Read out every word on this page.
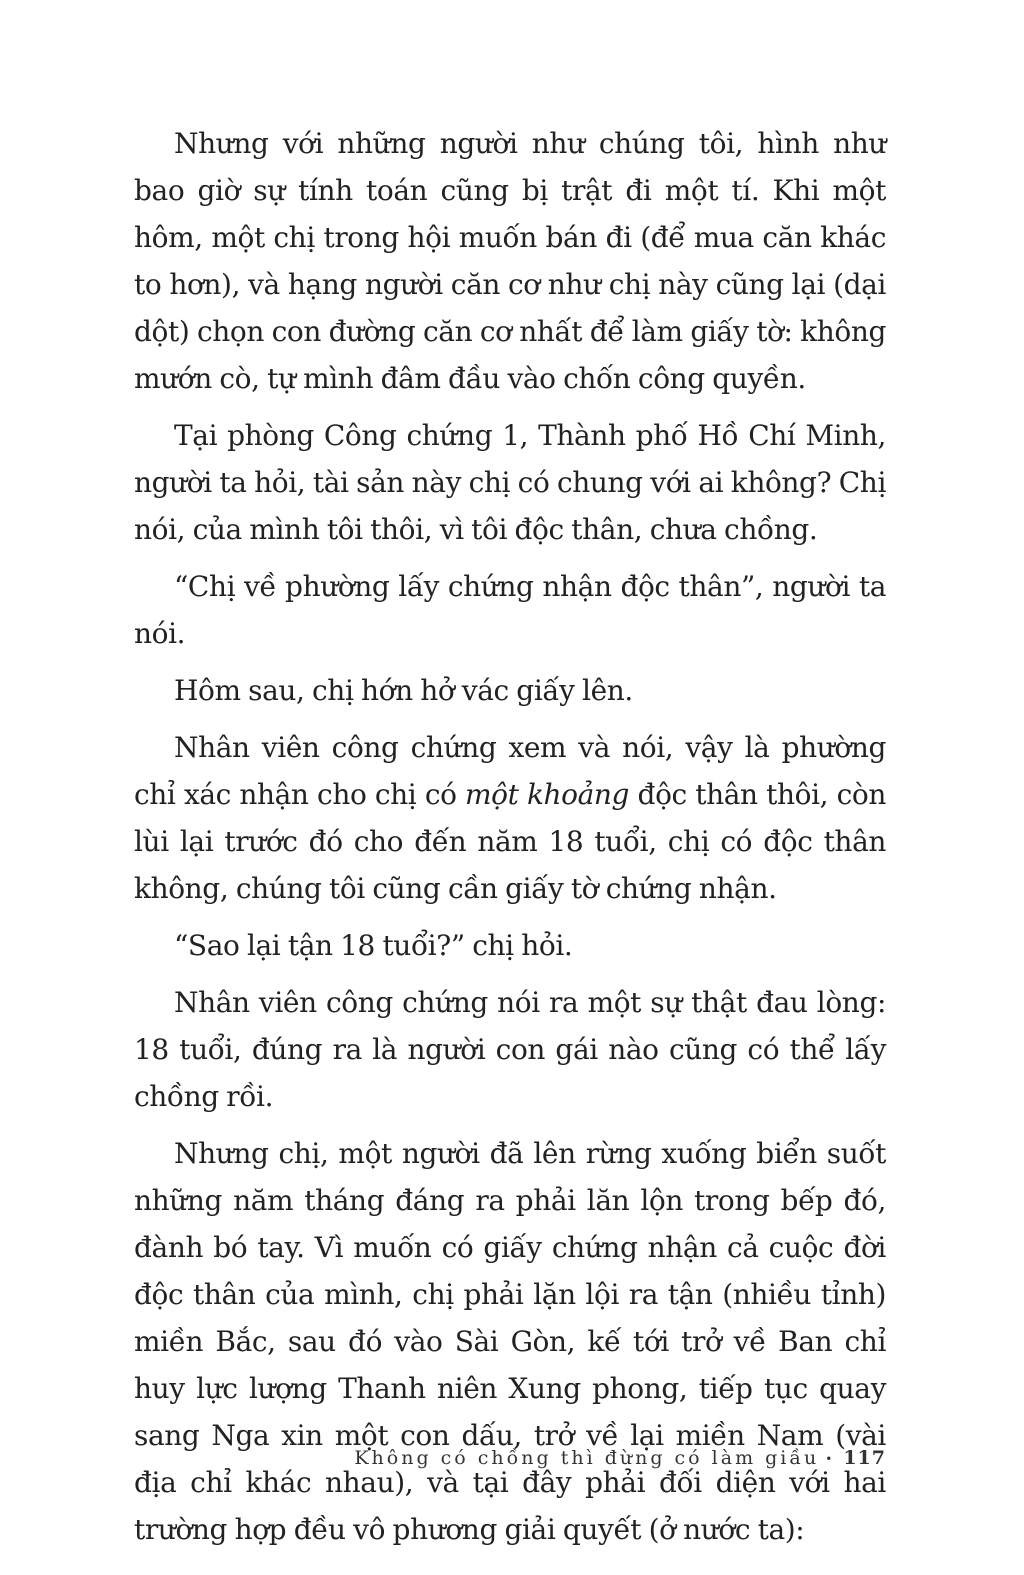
Nhưng với những người như chúng tôi, hình như bao giờ sự tính toán cũng bị trật đi một tí. Khi một hôm, một chị trong hội muốn bán đi (để mua căn khác to hơn), và hạng người căn cơ như chị này cũng lại (dại dột) chọn con đường căn cơ nhất để làm giấy tờ: không mướn cò, tự mình đâm đầu vào chốn công quyền.

Tại phòng Công chứng 1, Thành phố Hồ Chí Minh, người ta hỏi, tài sản này chị có chung với ai không? Chị nói, của mình tôi thôi, vì tôi độc thân, chưa chồng.

“Chị về phường lấy chứng nhận độc thân”, người ta nói.

Hôm sau, chị hớn hở vác giấy lên.

Nhân viên công chứng xem và nói, vậy là phường chỉ xác nhận cho chị có một khoảng độc thân thôi, còn lùi lại trước đó cho đến năm 18 tuổi, chị có độc thân không, chúng tôi cũng cần giấy tờ chứng nhận.

“Sao lại tận 18 tuổi?” chị hỏi.

Nhân viên công chứng nói ra một sự thật đau lòng: 18 tuổi, đúng ra là người con gái nào cũng có thể lấy chồng rồi.

Nhưng chị, một người đã lên rừng xuống biển suốt những năm tháng đáng ra phải lăn lộn trong bếp đó, đành bó tay. Vì muốn có giấy chứng nhận cả cuộc đời độc thân của mình, chị phải lặn lội ra tận (nhiều tỉnh) miền Bắc, sau đó vào Sài Gòn, kế tới trở về Ban chỉ huy lực lượng Thanh niên Xung phong, tiếp tục quay sang Nga xin một con dấu, trở về lại miền Nam (vài địa chỉ khác nhau), và tại đây phải đối diện với hai trường hợp đều vô phương giải quyết (ở nước ta):

Không có chồng thì đừng có làm giầu • 117
